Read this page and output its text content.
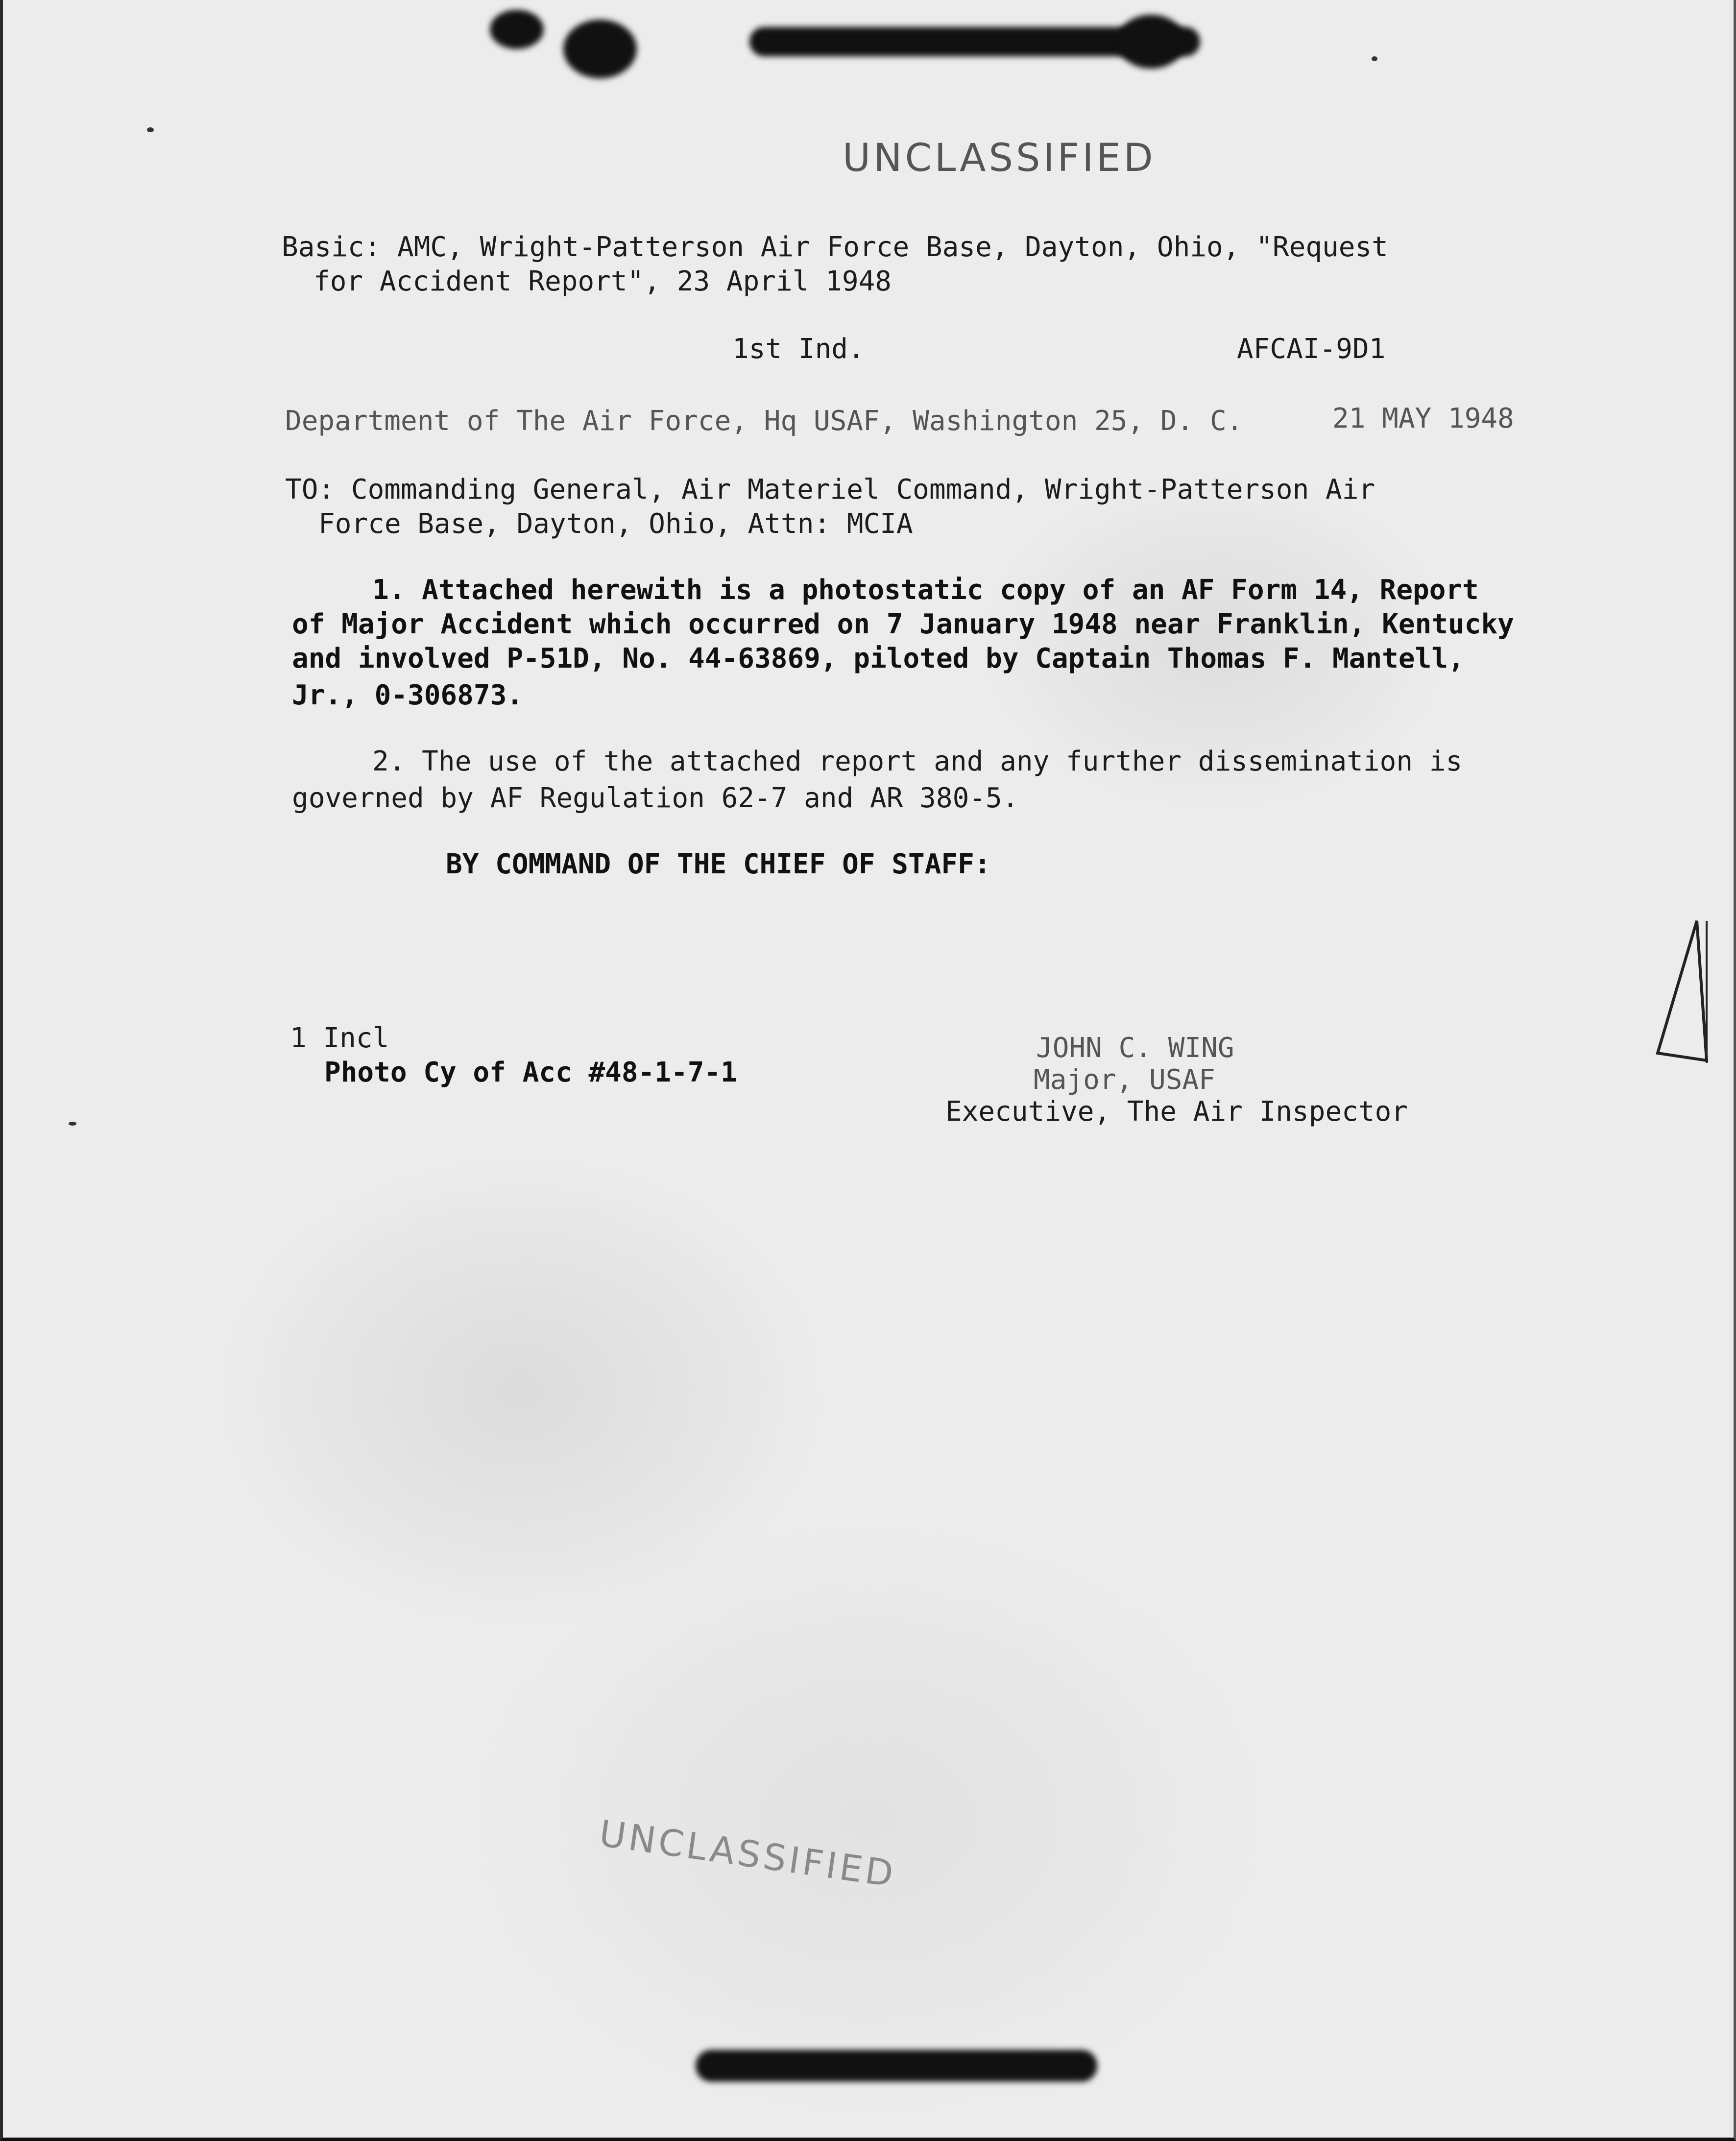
UNCLASSIFIED
Basic: AMC, Wright-Patterson Air Force Base, Dayton, Ohio, "Request
for Accident Report", 23 April 1948
1st Ind.	AFCAI-9D1
Department of The Air Force, Hq USAF, Washington 25, D. C.	21 MAY 1948
TO: Commanding General, Air Materiel Command, Wright-Patterson Air
Force Base, Dayton, Ohio, Attn: MCIA
1. Attached herewith is a photostatic copy of an AF Form 14, Report
of Major Accident which occurred on 7 January 1948 near Franklin, Kentucky
and involved P-51D, No. 44-63869, piloted by Captain Thomas F. Mantell,
Jr., 0-306873.
2. The use of the attached report and any further dissemination is
governed by AF Regulation 62-7 and AR 380-5.
BY COMMAND OF THE CHIEF OF STAFF:
1 Incl
Photo Cy of Acc #48-1-7-1
JOHN C. WING
Major, USAF
Executive, The Air Inspector
UNCLASSIFIED
